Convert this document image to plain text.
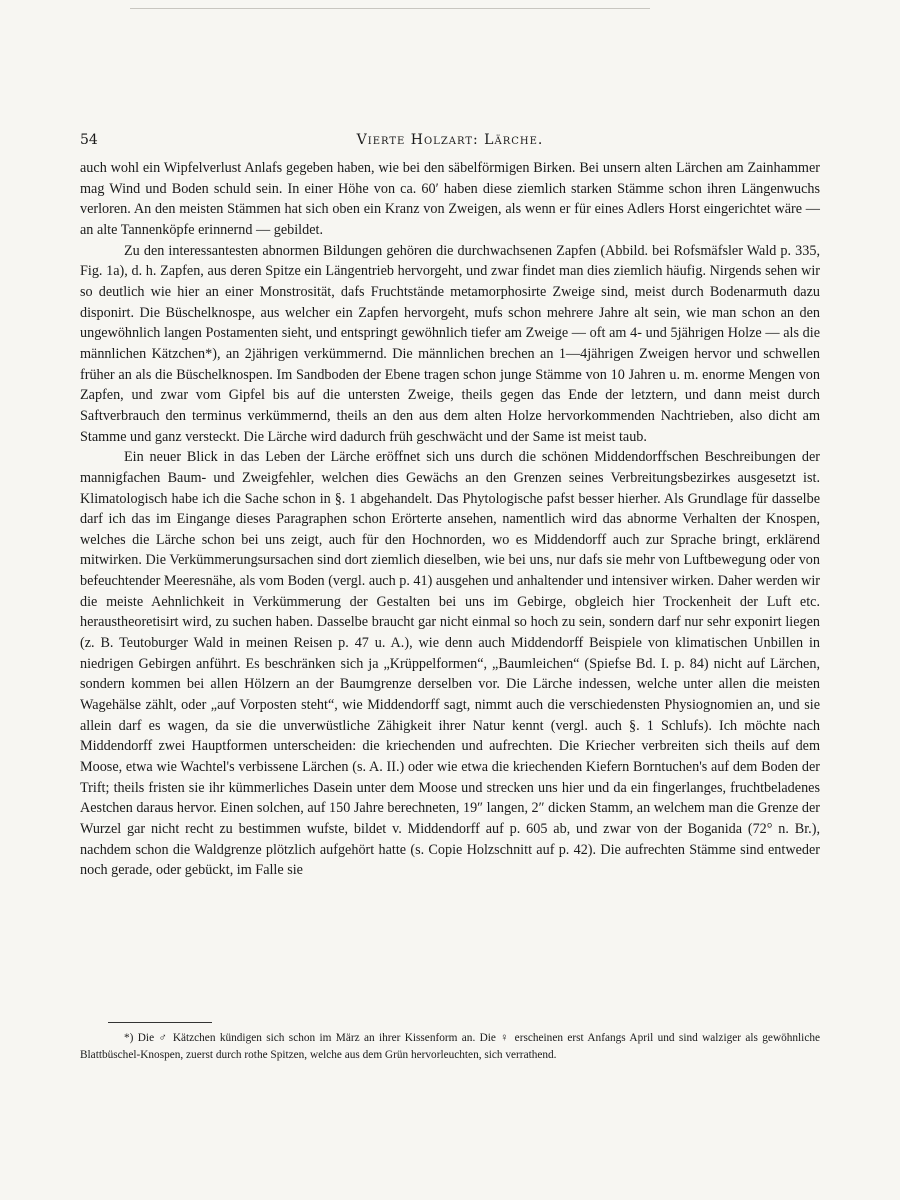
54	Vierte Holzart: Lärche.

auch wohl ein Wipfelverlust Anlafs gegeben haben, wie bei den säbelförmigen Birken. Bei unsern alten Lärchen am Zainhammer mag Wind und Boden schuld sein. In einer Höhe von ca. 60′ haben diese ziemlich starken Stämme schon ihren Längenwuchs verloren. An den meisten Stämmen hat sich oben ein Kranz von Zweigen, als wenn er für eines Adlers Horst eingerichtet wäre — an alte Tannenköpfe erinnernd — gebildet.

Zu den interessantesten abnormen Bildungen gehören die durchwachsenen Zapfen (Abbild. bei Rofsmäfsler Wald p. 335, Fig. 1a), d. h. Zapfen, aus deren Spitze ein Längentrieb hervorgeht, und zwar findet man dies ziemlich häufig. Nirgends sehen wir so deutlich wie hier an einer Monstrosität, dafs Fruchtstände metamorphosirte Zweige sind, meist durch Bodenarmuth dazu disponirt. Die Büschelknospe, aus welcher ein Zapfen hervorgeht, mufs schon mehrere Jahre alt sein, wie man schon an den ungewöhnlich langen Postamenten sieht, und entspringt gewöhnlich tiefer am Zweige — oft am 4- und 5jährigen Holze — als die männlichen Kätzchen*), an 2jährigen verkümmernd. Die männlichen brechen an 1—4jährigen Zweigen hervor und schwellen früher an als die Büschelknospen. Im Sandboden der Ebene tragen schon junge Stämme von 10 Jahren u. m. enorme Mengen von Zapfen, und zwar vom Gipfel bis auf die untersten Zweige, theils gegen das Ende der letztern, und dann meist durch Saftverbrauch den terminus verkümmernd, theils an den aus dem alten Holze hervorkommenden Nachtrieben, also dicht am Stamme und ganz versteckt. Die Lärche wird dadurch früh geschwächt und der Same ist meist taub.

Ein neuer Blick in das Leben der Lärche eröffnet sich uns durch die schönen Middendorffschen Beschreibungen der mannigfachen Baum- und Zweigfehler, welchen dies Gewächs an den Grenzen seines Verbreitungsbezirkes ausgesetzt ist. Klimatologisch habe ich die Sache schon in §. 1 abgehandelt. Das Phytologische pafst besser hierher. Als Grundlage für dasselbe darf ich das im Eingange dieses Paragraphen schon Erörterte ansehen, namentlich wird das abnorme Verhalten der Knospen, welches die Lärche schon bei uns zeigt, auch für den Hochnorden, wo es Middendorff auch zur Sprache bringt, erklärend mitwirken. Die Verkümmerungsursachen sind dort ziemlich dieselben, wie bei uns, nur dafs sie mehr von Luftbewegung oder von befeuchtender Meeresnähe, als vom Boden (vergl. auch p. 41) ausgehen und anhaltender und intensiver wirken. Daher werden wir die meiste Aehnlichkeit in Verkümmerung der Gestalten bei uns im Gebirge, obgleich hier Trockenheit der Luft etc. heraustheoretisirt wird, zu suchen haben. Dasselbe braucht gar nicht einmal so hoch zu sein, sondern darf nur sehr exponirt liegen (z. B. Teutoburger Wald in meinen Reisen p. 47 u. A.), wie denn auch Middendorff Beispiele von klimatischen Unbillen in niedrigen Gebirgen anführt. Es beschränken sich ja „Krüppelformen“, „Baumleichen“ (Spiefse Bd. I. p. 84) nicht auf Lärchen, sondern kommen bei allen Hölzern an der Baumgrenze derselben vor. Die Lärche indessen, welche unter allen die meisten Wagehälse zählt, oder „auf Vorposten steht“, wie Middendorff sagt, nimmt auch die verschiedensten Physiognomien an, und sie allein darf es wagen, da sie die unverwüstliche Zähigkeit ihrer Natur kennt (vergl. auch §. 1 Schlufs). Ich möchte nach Middendorff zwei Hauptformen unterscheiden: die kriechenden und aufrechten. Die Kriecher verbreiten sich theils auf dem Moose, etwa wie Wachtel's verbissene Lärchen (s. A. II.) oder wie etwa die kriechenden Kiefern Borntuchen's auf dem Boden der Trift; theils fristen sie ihr kümmerliches Dasein unter dem Moose und strecken uns hier und da ein fingerlanges, fruchtbeladenes Aestchen daraus hervor. Einen solchen, auf 150 Jahre berechneten, 19″ langen, 2″ dicken Stamm, an welchem man die Grenze der Wurzel gar nicht recht zu bestimmen wufste, bildet v. Middendorff auf p. 605 ab, und zwar von der Boganida (72° n. Br.), nachdem schon die Waldgrenze plötzlich aufgehört hatte (s. Copie Holzschnitt auf p. 42). Die aufrechten Stämme sind entweder noch gerade, oder gebückt, im Falle sie

*) Die ♂ Kätzchen kündigen sich schon im März an ihrer Kissenform an. Die ♀ erscheinen erst Anfangs April und sind walziger als gewöhnliche Blattbüschel-Knospen, zuerst durch rothe Spitzen, welche aus dem Grün hervorleuchten, sich verrathend.
